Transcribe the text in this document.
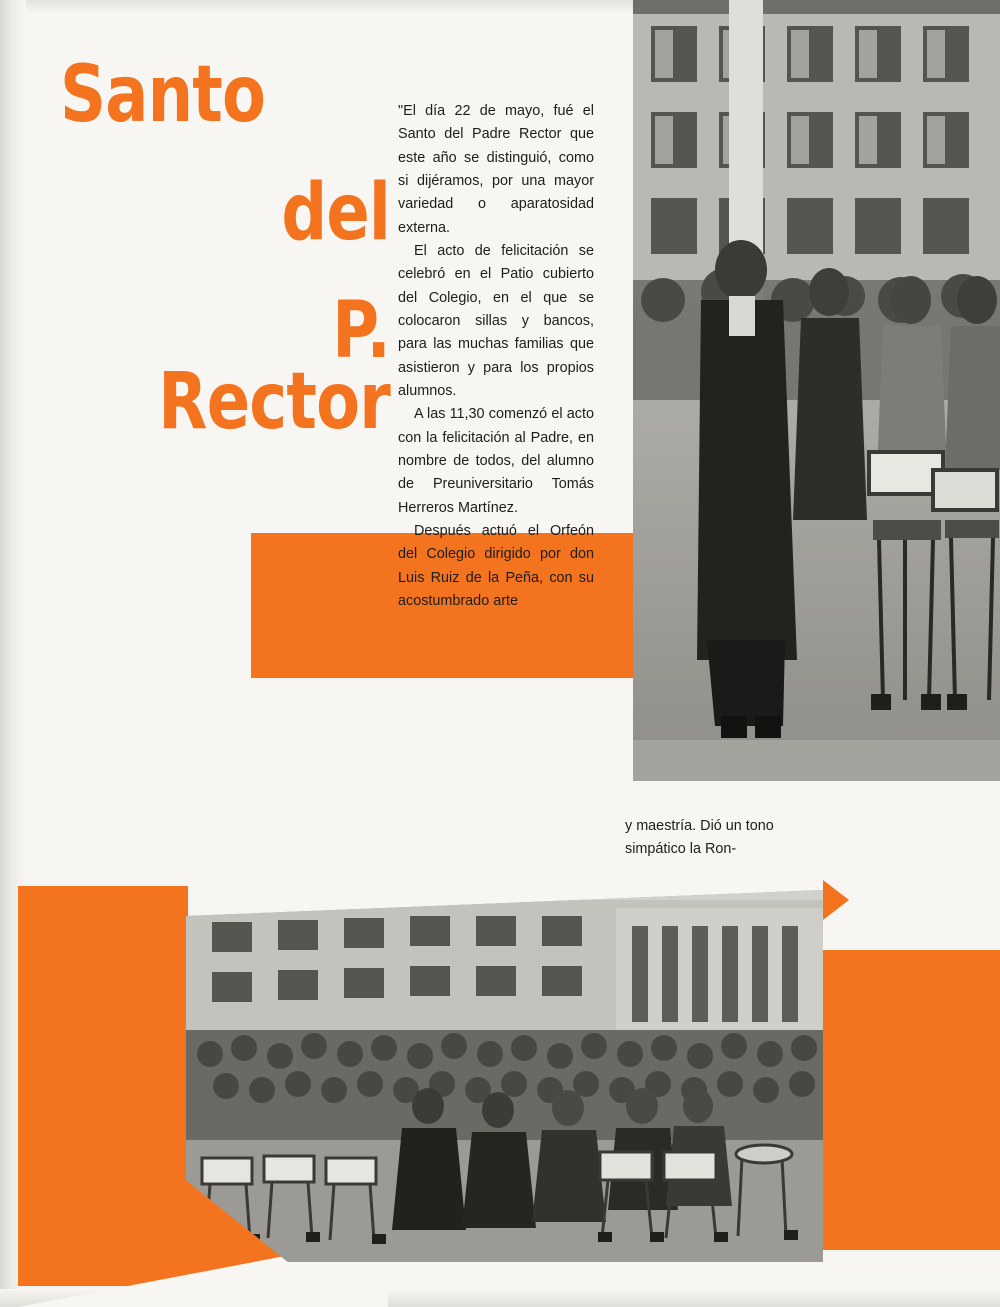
Santo
del
P. Rector

"El día 22 de mayo, fué el Santo del Padre Rector que este año se distinguió, como si dijéramos, por una mayor variedad o aparatosidad externa.

El acto de felicitación se celebró en el Patio cubierto del Colegio, en el que se colocaron sillas y bancos, para las muchas familias que asistieron y para los propios alumnos.

A las 11,30 comenzó el acto con la felicitación al Padre, en nombre de todos, del alumno de Preuniversitario Tomás Herreros Martínez.

Después actuó el Orfeón del Colegio dirigido por don Luis Ruiz de la Peña, con su acostumbrado arte

y maestría. Dió un tono simpático la Ron-
